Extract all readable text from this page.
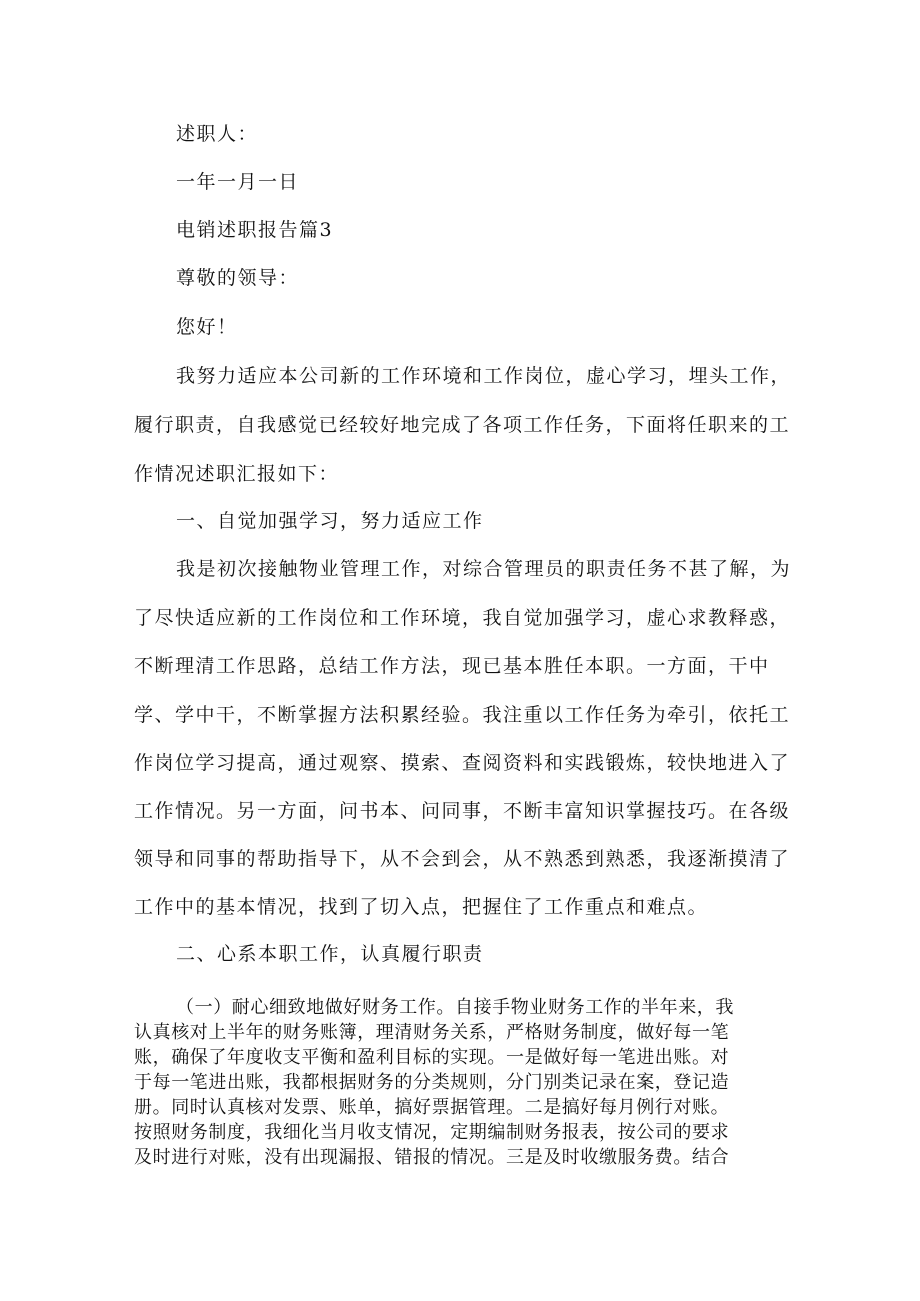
述职人：
一年一月一日
电销述职报告篇3
尊敬的领导：
您好！
我努力适应本公司新的工作环境和工作岗位，虚心学习，埋头工作，
履行职责，自我感觉已经较好地完成了各项工作任务，下面将任职来的工
作情况述职汇报如下：
一、自觉加强学习，努力适应工作
我是初次接触物业管理工作，对综合管理员的职责任务不甚了解，为
了尽快适应新的工作岗位和工作环境，我自觉加强学习，虚心求教释惑，
不断理清工作思路，总结工作方法，现已基本胜任本职。一方面，干中
学、学中干，不断掌握方法积累经验。我注重以工作任务为牵引，依托工
作岗位学习提高，通过观察、摸索、查阅资料和实践锻炼，较快地进入了
工作情况。另一方面，问书本、问同事，不断丰富知识掌握技巧。在各级
领导和同事的帮助指导下，从不会到会，从不熟悉到熟悉，我逐渐摸清了
工作中的基本情况，找到了切入点，把握住了工作重点和难点。
二、心系本职工作，认真履行职责
（一）耐心细致地做好财务工作。自接手物业财务工作的半年来，我
认真核对上半年的财务账簿，理清财务关系，严格财务制度，做好每一笔
账，确保了年度收支平衡和盈利目标的实现。一是做好每一笔进出账。对
于每一笔进出账，我都根据财务的分类规则，分门别类记录在案，登记造
册。同时认真核对发票、账单，搞好票据管理。二是搞好每月例行对账。
按照财务制度，我细化当月收支情况，定期编制财务报表，按公司的要求
及时进行对账，没有出现漏报、错报的情况。三是及时收缴服务费。结合
